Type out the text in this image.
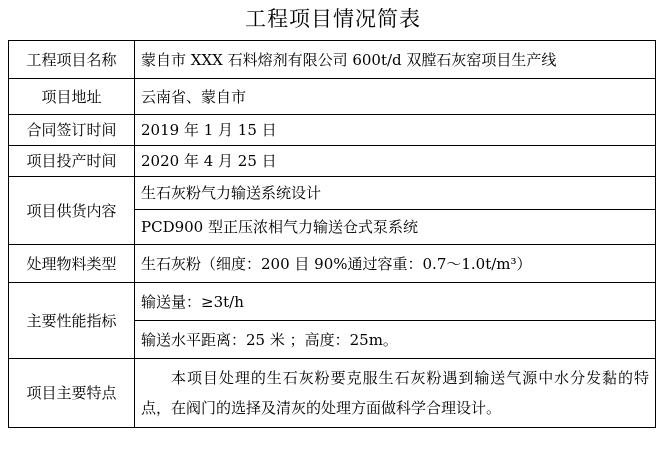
工程项目情况简表
工程项目名称	蒙自市 XXX 石料熔剂有限公司 600t/d 双膛石灰窑项目生产线
项目地址	云南省、蒙自市
合同签订时间	2019 年 1 月 15 日
项目投产时间	2020 年 4 月 25 日
项目供货内容	生石灰粉气力输送系统设计
	PCD900 型正压浓相气力输送仓式泵系统
处理物料类型	生石灰粉（细度：200 目 90%通过容重：0.7～1.0t/m³）
主要性能指标	输送量：≥3t/h
	输送水平距离：25 米 ；高度：25m。
项目主要特点	本项目处理的生石灰粉要克服生石灰粉遇到输送气源中水分发黏的特点，在阀门的选择及清灰的处理方面做科学合理设计。
